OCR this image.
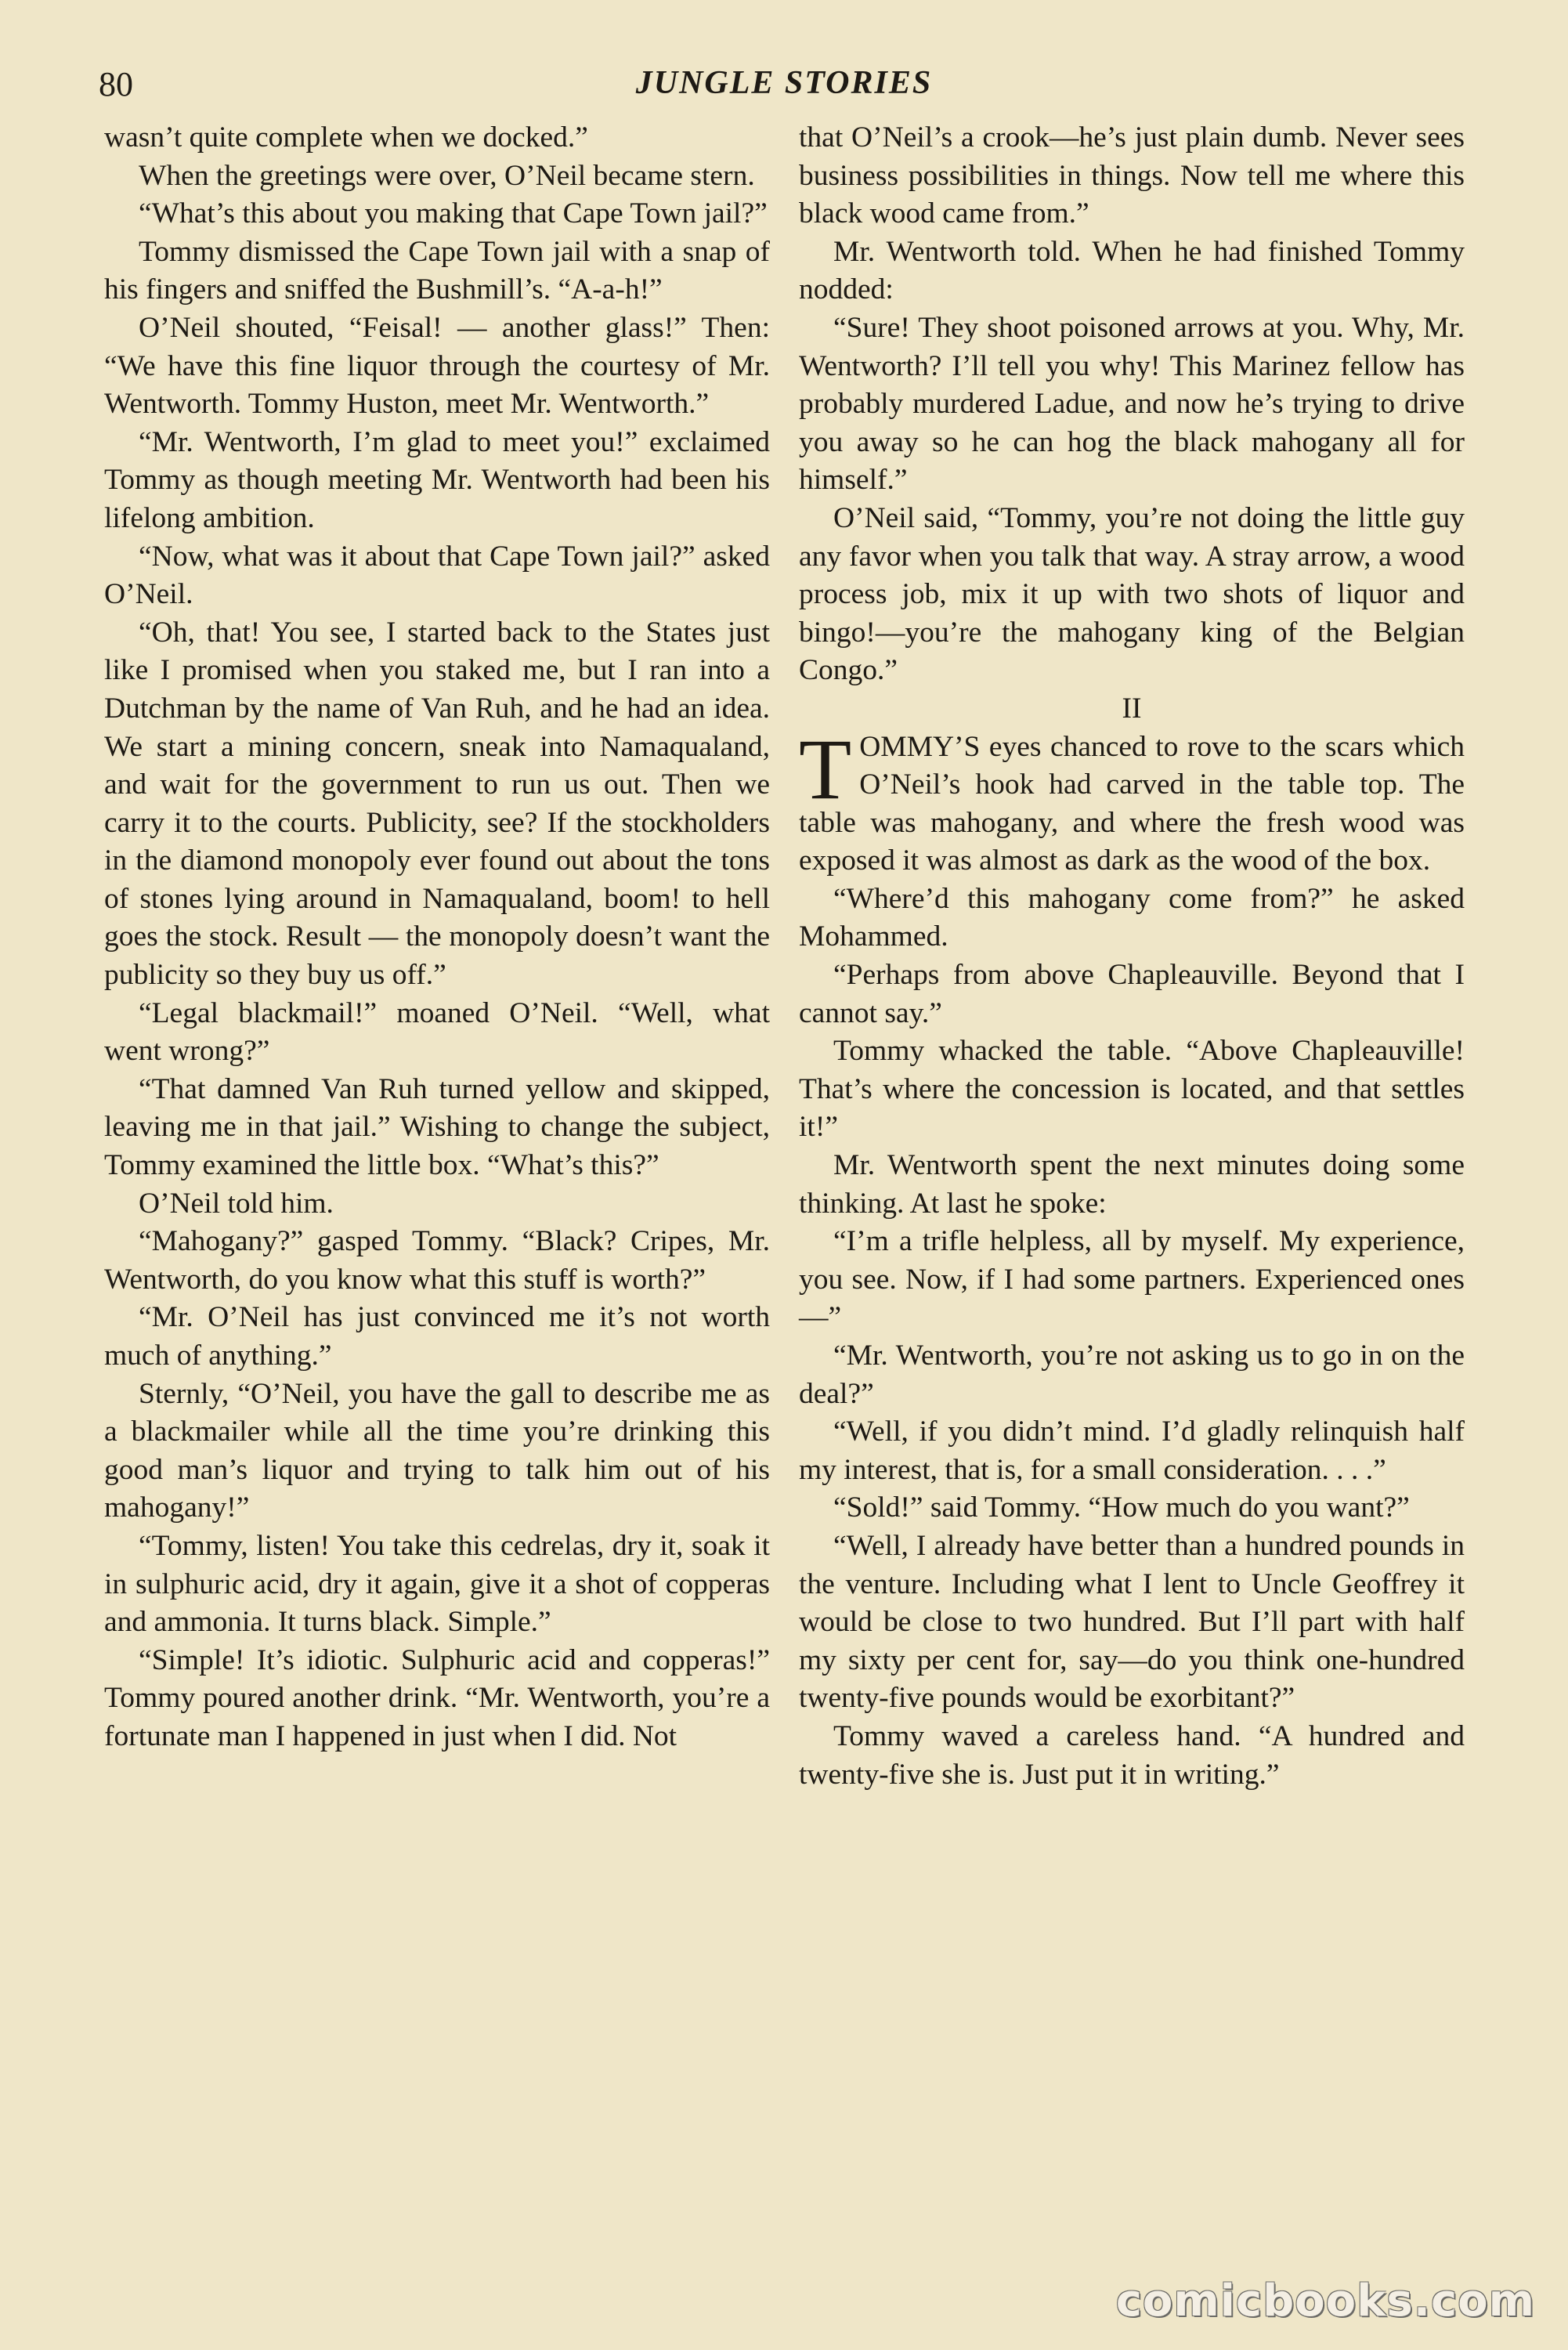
80	JUNGLE STORIES

wasn’t quite complete when we docked.”

When the greetings were over, O’Neil became stern.

“What’s this about you making that Cape Town jail?”

Tommy dismissed the Cape Town jail with a snap of his fingers and sniffed the Bushmill’s. “A-a-h!”

O’Neil shouted, “Feisal! — another glass!” Then: “We have this fine liquor through the courtesy of Mr. Wentworth. Tommy Huston, meet Mr. Wentworth.”

“Mr. Wentworth, I’m glad to meet you!” exclaimed Tommy as though meeting Mr. Wentworth had been his lifelong ambition.

“Now, what was it about that Cape Town jail?” asked O’Neil.

“Oh, that! You see, I started back to the States just like I promised when you staked me, but I ran into a Dutchman by the name of Van Ruh, and he had an idea. We start a mining concern, sneak into Namaqualand, and wait for the government to run us out. Then we carry it to the courts. Publicity, see? If the stockholders in the diamond monopoly ever found out about the tons of stones lying around in Namaqualand, boom! to hell goes the stock. Result — the monopoly doesn’t want the publicity so they buy us off.”

“Legal blackmail!” moaned O’Neil. “Well, what went wrong?”

“That damned Van Ruh turned yellow and skipped, leaving me in that jail.” Wishing to change the subject, Tommy examined the little box. “What’s this?”

O’Neil told him.

“Mahogany?” gasped Tommy. “Black? Cripes, Mr. Wentworth, do you know what this stuff is worth?”

“Mr. O’Neil has just convinced me it’s not worth much of anything.”

Sternly, “O’Neil, you have the gall to describe me as a blackmailer while all the time you’re drinking this good man’s liquor and trying to talk him out of his mahogany!”

“Tommy, listen! You take this cedrelas, dry it, soak it in sulphuric acid, dry it again, give it a shot of copperas and ammonia. It turns black. Simple.”

“Simple! It’s idiotic. Sulphuric acid and copperas!” Tommy poured another drink. “Mr. Wentworth, you’re a fortunate man I happened in just when I did. Not

that O’Neil’s a crook—he’s just plain dumb. Never sees business possibilities in things. Now tell me where this black wood came from.”

Mr. Wentworth told. When he had finished Tommy nodded:

“Sure! They shoot poisoned arrows at you. Why, Mr. Wentworth? I’ll tell you why! This Marinez fellow has probably murdered Ladue, and now he’s trying to drive you away so he can hog the black mahogany all for himself.”

O’Neil said, “Tommy, you’re not doing the little guy any favor when you talk that way. A stray arrow, a wood process job, mix it up with two shots of liquor and bingo!—you’re the mahogany king of the Belgian Congo.”

II

TOMMY’S eyes chanced to rove to the scars which O’Neil’s hook had carved in the table top. The table was mahogany, and where the fresh wood was exposed it was almost as dark as the wood of the box.

“Where’d this mahogany come from?” he asked Mohammed.

“Perhaps from above Chapleauville. Beyond that I cannot say.”

Tommy whacked the table. “Above Chapleauville! That’s where the concession is located, and that settles it!”

Mr. Wentworth spent the next minutes doing some thinking. At last he spoke:

“I’m a trifle helpless, all by myself. My experience, you see. Now, if I had some partners. Experienced ones—”

“Mr. Wentworth, you’re not asking us to go in on the deal?”

“Well, if you didn’t mind. I’d gladly relinquish half my interest, that is, for a small consideration. . . .”

“Sold!” said Tommy. “How much do you want?”

“Well, I already have better than a hundred pounds in the venture. Including what I lent to Uncle Geoffrey it would be close to two hundred. But I’ll part with half my sixty per cent for, say—do you think one-hundred twenty-five pounds would be exorbitant?”

Tommy waved a careless hand. “A hundred and twenty-five she is. Just put it in writing.”

comicbooks.com
